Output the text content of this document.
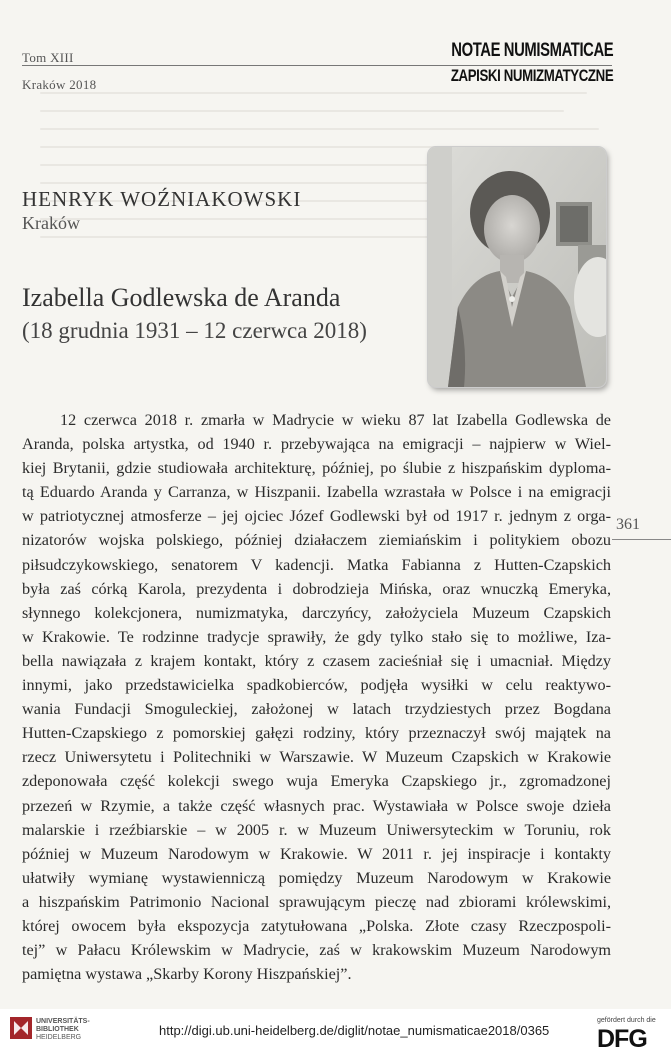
Tom XIII
Kraków 2018
NOTAE NUMISMATICAE
ZAPISKI NUMIZMATYCZNE
HENRYK WOŹNIAKOWSKI
Kraków
Izabella Godlewska de Aranda
(18 grudnia 1931 – 12 czerwca 2018)
361
12 czerwca 2018 r. zmarła w Madrycie w wieku 87 lat Izabella Godlewska de
Aranda, polska artystka, od 1940 r. przebywająca na emigracji – najpierw w Wiel-
kiej Brytanii, gdzie studiowała architekturę, później, po ślubie z hiszpańskim dyploma-
tą Eduardo Aranda y Carranza, w Hiszpanii. Izabella wzrastała w Polsce i na emigracji
w patriotycznej atmosferze – jej ojciec Józef Godlewski był od 1917 r. jednym z orga-
nizatorów wojska polskiego, później działaczem ziemiańskim i politykiem obozu
piłsudczykowskiego, senatorem V kadencji. Matka Fabianna z Hutten-Czapskich
była zaś córką Karola, prezydenta i dobrodzieja Mińska, oraz wnuczką Emeryka,
słynnego kolekcjonera, numizmatyka, darczyńcy, założyciela Muzeum Czapskich
w Krakowie. Te rodzinne tradycje sprawiły, że gdy tylko stało się to możliwe, Iza-
bella nawiązała z krajem kontakt, który z czasem zacieśniał się i umacniał. Między
innymi, jako przedstawicielka spadkobierców, podjęła wysiłki w celu reaktywo-
wania Fundacji Smoguleckiej, założonej w latach trzydziestych przez Bogdana
Hutten-Czapskiego z pomorskiej gałęzi rodziny, który przeznaczył swój majątek na
rzecz Uniwersytetu i Politechniki w Warszawie. W Muzeum Czapskich w Krakowie
zdeponowała część kolekcji swego wuja Emeryka Czapskiego jr., zgromadzonej
przezeń w Rzymie, a także część własnych prac. Wystawiała w Polsce swoje dzieła
malarskie i rzeźbiarskie – w 2005 r. w Muzeum Uniwersyteckim w Toruniu, rok
później w Muzeum Narodowym w Krakowie. W 2011 r. jej inspiracje i kontakty
ułatwiły wymianę wystawienniczą pomiędzy Muzeum Narodowym w Krakowie
a hiszpańskim Patrimonio Nacional sprawującym pieczę nad zbiorami królewskimi,
której owocem była ekspozycja zatytułowana „Polska. Złote czasy Rzeczpospoli-
tej” w Pałacu Królewskim w Madrycie, zaś w krakowskim Muzeum Narodowym
pamiętna wystawa „Skarby Korony Hiszpańskiej”.
UNIVERSITÄTS-
BIBLIOTHEK
HEIDELBERG	http://digi.ub.uni-heidelberg.de/diglit/notae_numismaticae2018/0365
gefördert durch die
DFG
